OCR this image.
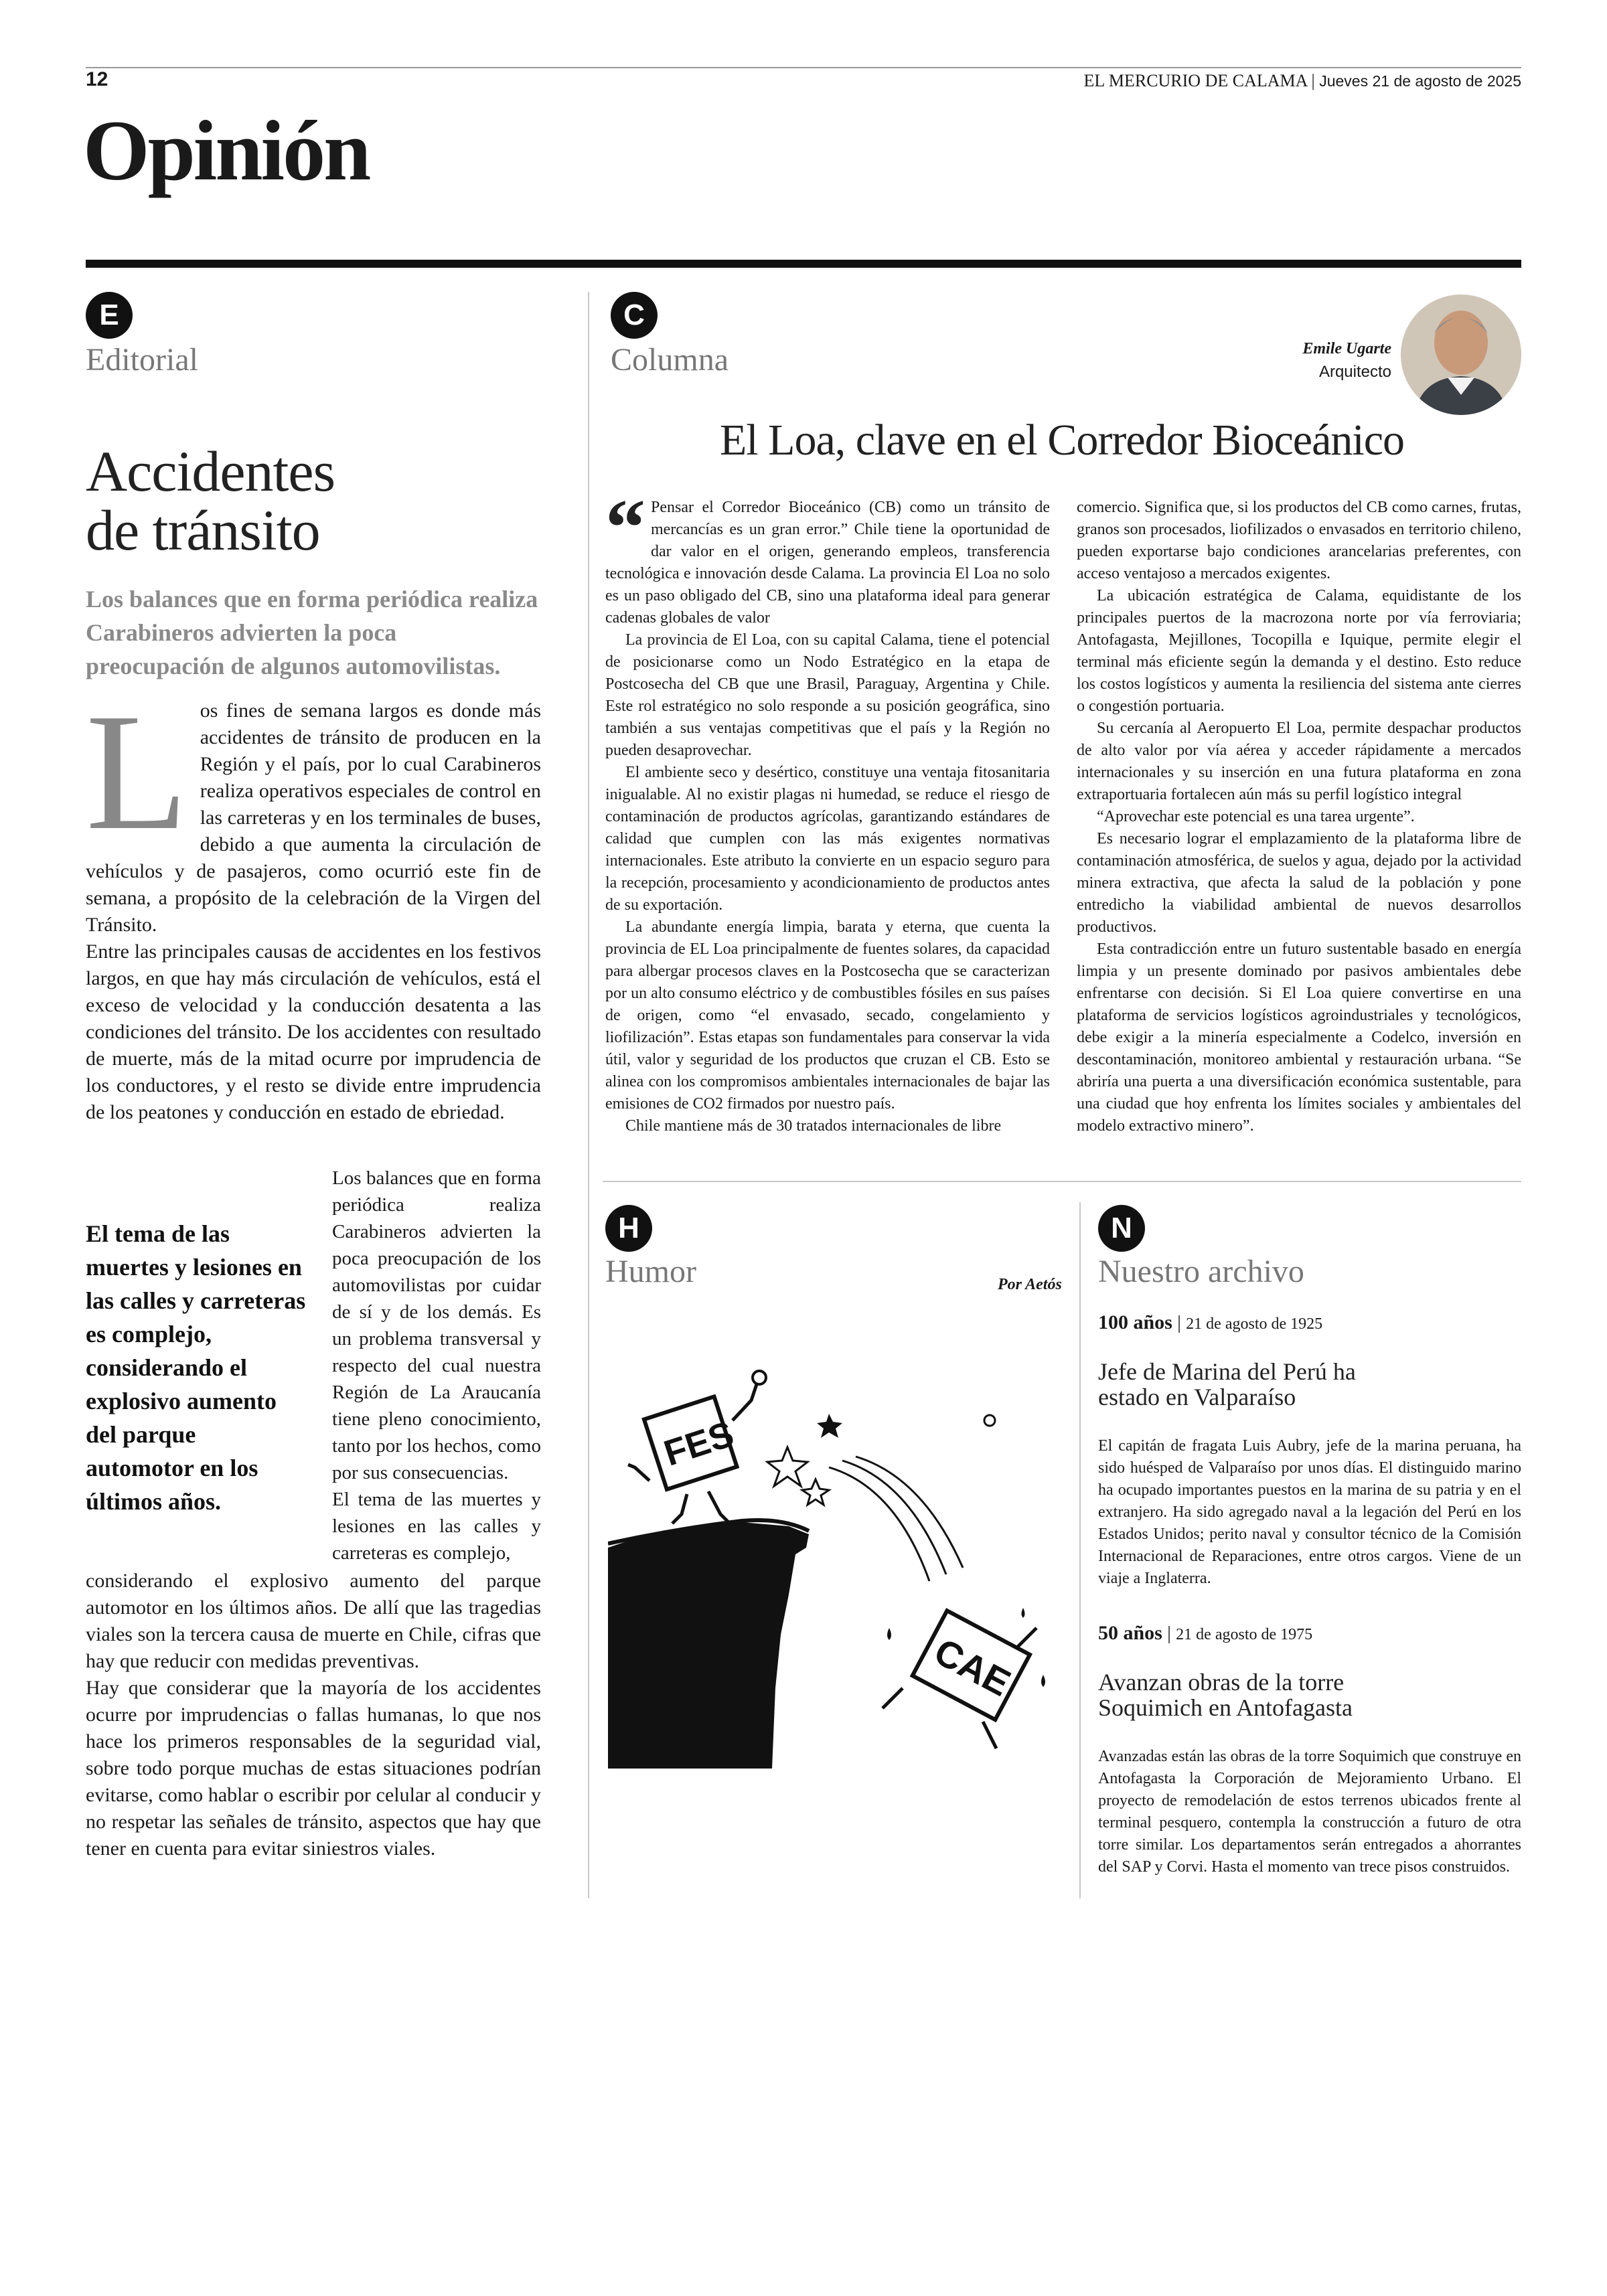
12	EL MERCURIO DE CALAMA | Jueves 21 de agosto de 2025
Opinión
E
Editorial
Accidentes
de tránsito
Los balances que en forma periódica realiza Carabineros advierten la poca preocupación de algunos automovilistas.
L os fines de semana largos es donde más accidentes de tránsito de producen en la Región y el país, por lo cual Carabineros realiza operativos especiales de control en las carreteras y en los terminales de buses, debido a que aumenta la circulación de vehículos y de pasajeros, como ocurrió este fin de semana, a propósito de la celebración de la Virgen del Tránsito.

Entre las principales causas de accidentes en los festivos largos, en que hay más circulación de vehículos, está el exceso de velocidad y la conducción desatenta a las condiciones del tránsito. De los accidentes con resultado de muerte, más de la mitad ocurre por imprudencia de los conductores, y el resto se divide entre imprudencia de los peatones y conducción en estado de ebriedad.

Los balances que en forma periódica realiza Carabineros advierten la poca preocupación de los automovilistas por cuidar de sí y de los demás. Es un problema transversal y respecto del cual nuestra Región de La Araucanía tiene pleno conocimiento, tanto por los hechos, como por sus consecuencias.
El tema de las muertes y lesiones en las calles y carreteras es complejo,
El tema de las muertes y lesiones en las calles y carreteras es complejo, considerando el explosivo aumento del parque automotor en los últimos años.

considerando el explosivo aumento del parque automotor en los últimos años. De allí que las tragedias viales son la tercera causa de muerte en Chile, cifras que hay que reducir con medidas preventivas.

Hay que considerar que la mayoría de los accidentes ocurre por imprudencias o fallas humanas, lo que nos hace los primeros responsables de la seguridad vial, sobre todo porque muchas de estas situaciones podrían evitarse, como hablar o escribir por celular al conducir y no respetar las señales de tránsito, aspectos que hay que tener en cuenta para evitar siniestros viales.

C
Columna	Emile Ugarte
Arquitecto
El Loa, clave en el Corredor Bioceánico
“ Pensar el Corredor Bioceánico (CB) como un tránsito de mercancías es un gran error.” Chile tiene la oportunidad de dar valor en el origen, generando empleos, transferencia tecnológica e innovación desde Calama. La provincia El Loa no solo es un paso obligado del CB, sino una plataforma ideal para generar cadenas globales de valor

La provincia de El Loa, con su capital Calama, tiene el potencial de posicionarse como un Nodo Estratégico en la etapa de Postcosecha del CB que une Brasil, Paraguay, Argentina y Chile. Este rol estratégico no solo responde a su posición geográfica, sino también a sus ventajas competitivas que el país y la Región no pueden desaprovechar.

El ambiente seco y desértico, constituye una ventaja fitosanitaria inigualable. Al no existir plagas ni humedad, se reduce el riesgo de contaminación de productos agrícolas, garantizando estándares de calidad que cumplen con las más exigentes normativas internacionales. Este atributo la convierte en un espacio seguro para la recepción, procesamiento y acondicionamiento de productos antes de su exportación.

La abundante energía limpia, barata y eterna, que cuenta la provincia de EL Loa principalmente de fuentes solares, da capacidad para albergar procesos claves en la Postcosecha que se caracterizan por un alto consumo eléctrico y de combustibles fósiles en sus países de origen, como “el envasado, secado, congelamiento y liofilización”. Estas etapas son fundamentales para conservar la vida útil, valor y seguridad de los productos que cruzan el CB. Esto se alinea con los compromisos ambientales internacionales de bajar las emisiones de CO2 firmados por nuestro país.

Chile mantiene más de 30 tratados internacionales de libre

comercio. Significa que, si los productos del CB como carnes, frutas, granos son procesados, liofilizados o envasados en territorio chileno, pueden exportarse bajo condiciones arancelarias preferentes, con acceso ventajoso a mercados exigentes.

La ubicación estratégica de Calama, equidistante de los principales puertos de la macrozona norte por vía ferroviaria; Antofagasta, Mejillones, Tocopilla e Iquique, permite elegir el terminal más eficiente según la demanda y el destino. Esto reduce los costos logísticos y aumenta la resiliencia del sistema ante cierres o congestión portuaria.

Su cercanía al Aeropuerto El Loa, permite despachar productos de alto valor por vía aérea y acceder rápidamente a mercados internacionales y su inserción en una futura plataforma en zona extraportuaria fortalecen aún más su perfil logístico integral

“Aprovechar este potencial es una tarea urgente”.

Es necesario lograr el emplazamiento de la plataforma libre de contaminación atmosférica, de suelos y agua, dejado por la actividad minera extractiva, que afecta la salud de la población y pone entredicho la viabilidad ambiental de nuevos desarrollos productivos.

Esta contradicción entre un futuro sustentable basado en energía limpia y un presente dominado por pasivos ambientales debe enfrentarse con decisión. Si El Loa quiere convertirse en una plataforma de servicios logísticos agroindustriales y tecnológicos, debe exigir a la minería especialmente a Codelco, inversión en descontaminación, monitoreo ambiental y restauración urbana. “Se abriría una puerta a una diversificación económica sustentable, para una ciudad que hoy enfrenta los límites sociales y ambientales del modelo extractivo minero”.

H
Humor	Por Aetós
FES
CAE
N
Nuestro archivo
100 años | 21 de agosto de 1925
Jefe de Marina del Perú ha estado en Valparaíso
El capitán de fragata Luis Aubry, jefe de la marina peruana, ha sido huésped de Valparaíso por unos días. El distinguido marino ha ocupado importantes puestos en la marina de su patria y en el extranjero. Ha sido agregado naval a la legación del Perú en los Estados Unidos; perito naval y consultor técnico de la Comisión Internacional de Reparaciones, entre otros cargos. Viene de un viaje a Inglaterra.
50 años | 21 de agosto de 1975
Avanzan obras de la torre Soquimich en Antofagasta
Avanzadas están las obras de la torre Soquimich que construye en Antofagasta la Corporación de Mejoramiento Urbano. El proyecto de remodelación de estos terrenos ubicados frente al terminal pesquero, contempla la construcción a futuro de otra torre similar. Los departamentos serán entregados a ahorrantes del SAP y Corvi. Hasta el momento van trece pisos construidos.
